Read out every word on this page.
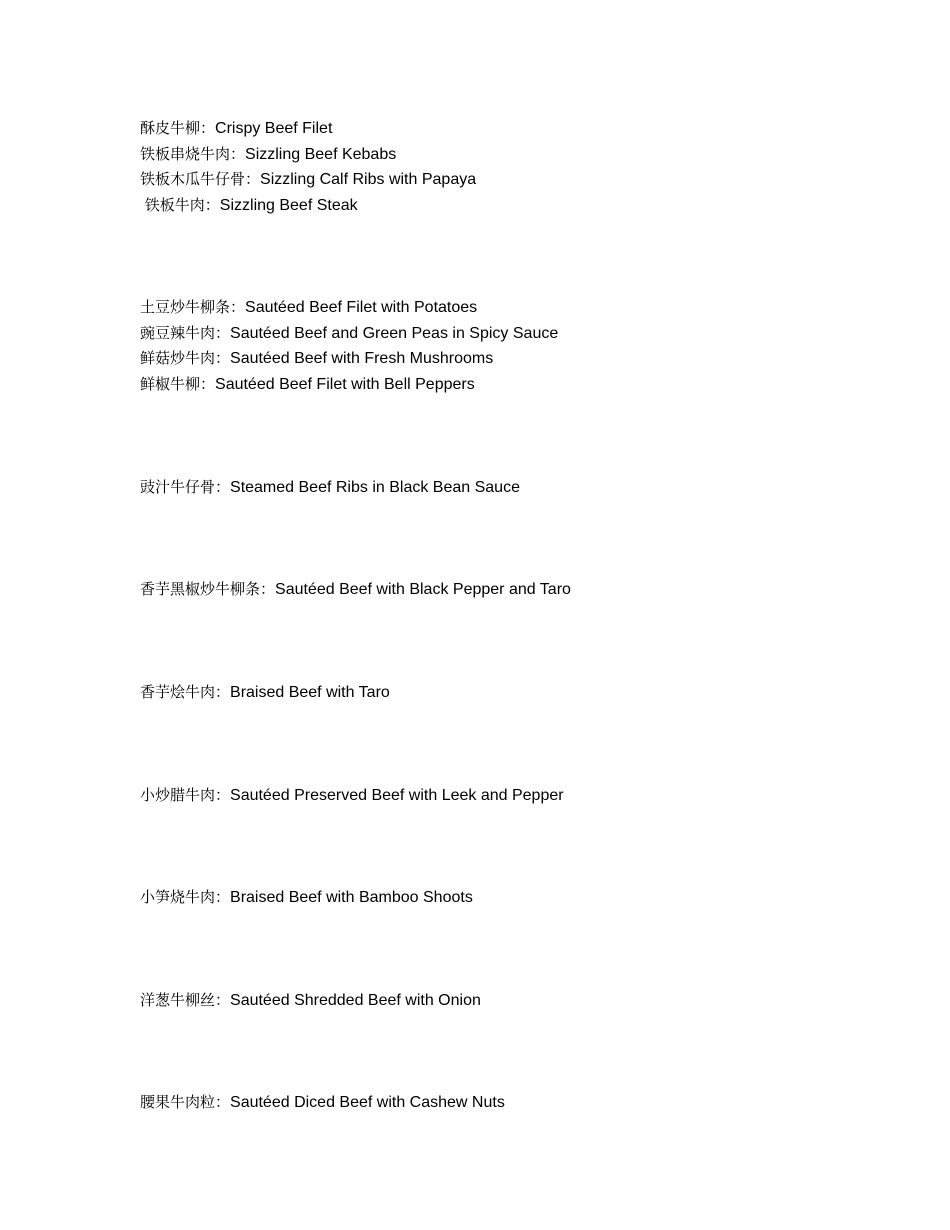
酥皮牛柳：Crispy Beef Filet
铁板串烧牛肉：Sizzling Beef Kebabs
铁板木瓜牛仔骨：Sizzling Calf Ribs with Papaya
铁板牛肉：Sizzling Beef Steak
土豆炒牛柳条：Sautéed Beef Filet with Potatoes
豌豆辣牛肉：Sautéed Beef and Green Peas in Spicy Sauce
鲜菇炒牛肉：Sautéed Beef with Fresh Mushrooms
鲜椒牛柳：Sautéed Beef Filet with Bell Peppers
豉汁牛仔骨：Steamed Beef Ribs in Black Bean Sauce
香芋黑椒炒牛柳条：Sautéed Beef with Black Pepper and Taro
香芋烩牛肉：Braised Beef with Taro
小炒腊牛肉：Sautéed Preserved Beef with Leek and Pepper
小笋烧牛肉：Braised Beef with Bamboo Shoots
洋葱牛柳丝：Sautéed Shredded Beef with Onion
腰果牛肉粒：Sautéed Diced Beef with Cashew Nuts
